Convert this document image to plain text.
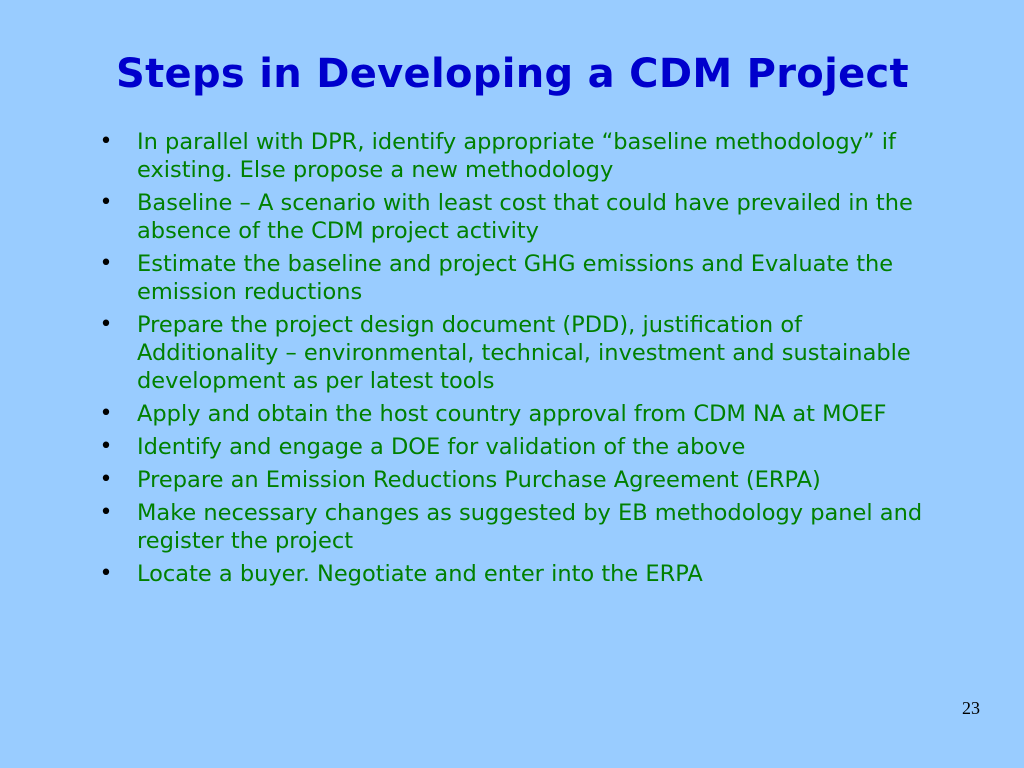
Steps in Developing a CDM Project
• In parallel with DPR, identify appropriate “baseline methodology” if existing. Else propose a new methodology
• Baseline – A scenario with least cost that could have prevailed in the absence of the CDM project activity
• Estimate the baseline and project GHG emissions and Evaluate the emission reductions
• Prepare the project design document (PDD), justification of Additionality – environmental, technical, investment and sustainable development as per latest tools
• Apply and obtain the host country approval from CDM NA at MOEF
• Identify and engage a DOE for validation of the above
• Prepare an Emission Reductions Purchase Agreement (ERPA)
• Make necessary changes as suggested by EB methodology panel and register the project
• Locate a buyer. Negotiate and enter into the ERPA
23
